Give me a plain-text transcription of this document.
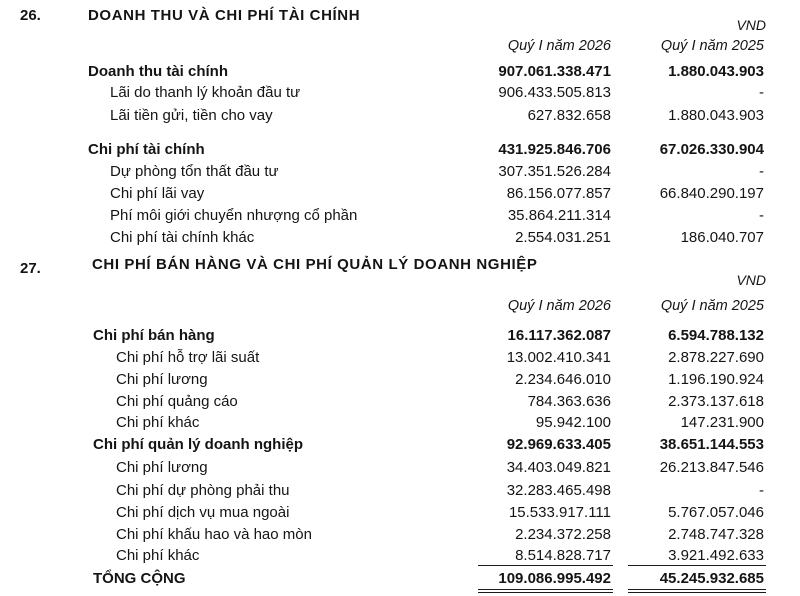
26.	DOANH THU VÀ CHI PHÍ TÀI CHÍNH
VND
Quý I năm 2026	Quý I năm 2025
Doanh thu tài chính	907.061.338.471	1.880.043.903
Lãi do thanh lý khoản đầu tư	906.433.505.813	-
Lãi tiền gửi, tiền cho vay	627.832.658	1.880.043.903
Chi phí tài chính	431.925.846.706	67.026.330.904
Dự phòng tổn thất đầu tư	307.351.526.284	-
Chi phí lãi vay	86.156.077.857	66.840.290.197
Phí môi giới chuyển nhượng cổ phần	35.864.211.314	-
Chi phí tài chính khác	2.554.031.251	186.040.707
27.	CHI PHÍ BÁN HÀNG VÀ CHI PHÍ QUẢN LÝ DOANH NGHIỆP
VND
Quý I năm 2026	Quý I năm 2025
Chi phí bán hàng	16.117.362.087	6.594.788.132
Chi phí hỗ trợ lãi suất	13.002.410.341	2.878.227.690
Chi phí lương	2.234.646.010	1.196.190.924
Chi phí quảng cáo	784.363.636	2.373.137.618
Chi phí khác	95.942.100	147.231.900
Chi phí quản lý doanh nghiệp	92.969.633.405	38.651.144.553
Chi phí lương	34.403.049.821	26.213.847.546
Chi phí dự phòng phải thu	32.283.465.498	-
Chi phí dịch vụ mua ngoài	15.533.917.111	5.767.057.046
Chi phí khấu hao và hao mòn	2.234.372.258	2.748.747.328
Chi phí khác	8.514.828.717	3.921.492.633
TỔNG CỘNG	109.086.995.492	45.245.932.685
